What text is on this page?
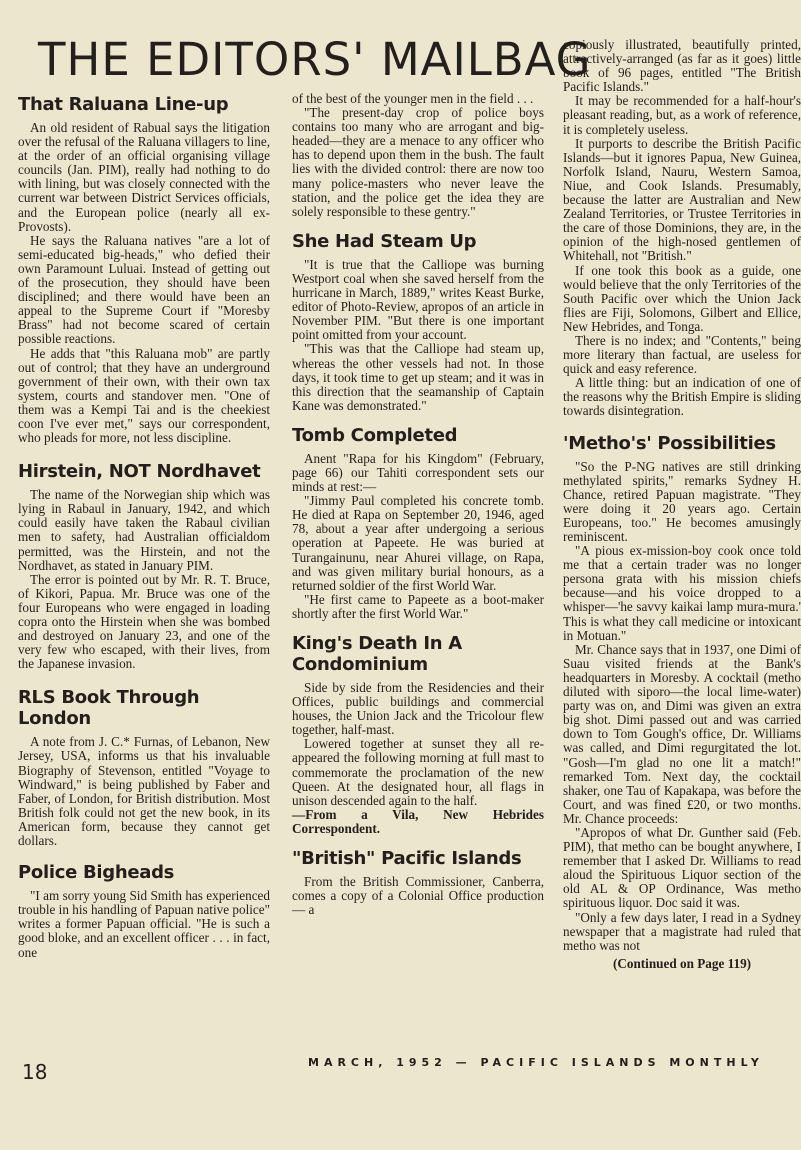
THE EDITORS' MAILBAG
That Raluana Line-up

An old resident of Rabual says the litigation over the refusal of the Raluana villagers to line, at the order of an official organising village councils (Jan. PIM), really had nothing to do with lining, but was closely connected with the current war between District Services officials, and the European police (nearly all ex-Provosts).

He says the Raluana natives "are a lot of semi-educated big-heads," who defied their own Paramount Luluai. Instead of getting out of the prosecution, they should have been disciplined; and there would have been an appeal to the Supreme Court if "Moresby Brass" had not become scared of certain possible reactions.

He adds that "this Raluana mob" are partly out of control; that they have an underground government of their own, with their own tax system, courts and standover men. "One of them was a Kempi Tai and is the cheekiest coon I've ever met," says our correspondent, who pleads for more, not less discipline.

Hirstein, NOT Nordhavet

The name of the Norwegian ship which was lying in Rabaul in January, 1942, and which could easily have taken the Rabaul civilian men to safety, had Australian officialdom permitted, was the Hirstein, and not the Nordhavet, as stated in January PIM.

The error is pointed out by Mr. R. T. Bruce, of Kikori, Papua. Mr. Bruce was one of the four Europeans who were engaged in loading copra onto the Hirstein when she was bombed and destroyed on January 23, and one of the very few who escaped, with their lives, from the Japanese invasion.

RLS Book Through London

A note from J. C.* Furnas, of Lebanon, New Jersey, USA, informs us that his invaluable Biography of Stevenson, entitled "Voyage to Windward," is being published by Faber and Faber, of London, for British distribution. Most British folk could not get the new book, in its American form, because they cannot get dollars.

Police Bigheads

"I am sorry young Sid Smith has experienced trouble in his handling of Papuan native police" writes a former Papuan official. "He is such a good bloke, and an excellent officer . . . in fact, one

of the best of the younger men in the field . . .

"The present-day crop of police boys contains too many who are arrogant and big-headed—they are a menace to any officer who has to depend upon them in the bush. The fault lies with the divided control: there are now too many police-masters who never leave the station, and the police get the idea they are solely responsible to these gentry."

She Had Steam Up

"It is true that the Calliope was burning Westport coal when she saved herself from the hurricane in March, 1889," writes Keast Burke, editor of Photo-Review, apropos of an article in November PIM. "But there is one important point omitted from your account.

"This was that the Calliope had steam up, whereas the other vessels had not. In those days, it took time to get up steam; and it was in this direction that the seamanship of Captain Kane was demonstrated."

Tomb Completed

Anent "Rapa for his Kingdom" (February, page 66) our Tahiti correspondent sets our minds at rest:—

"Jimmy Paul completed his concrete tomb. He died at Rapa on September 20, 1946, aged 78, about a year after undergoing a serious operation at Papeete. He was buried at Turangainunu, near Ahurei village, on Rapa, and was given military burial honours, as a returned soldier of the first World War.

"He first came to Papeete as a boot-maker shortly after the first World War."

King's Death In A Condominium

Side by side from the Residencies and their Offices, public buildings and commercial houses, the Union Jack and the Tricolour flew together, half-mast.

Lowered together at sunset they all re-appeared the following morning at full mast to commemorate the proclamation of the new Queen. At the designated hour, all flags in unison descended again to the half.

—From a Vila, New Hebrides Correspondent.

"British" Pacific Islands

From the British Commissioner, Canberra, comes a copy of a Colonial Office production — a

copiously illustrated, beautifully printed, attractively-arranged (as far as it goes) little book of 96 pages, entitled "The British Pacific Islands."

It may be recommended for a half-hour's pleasant reading, but, as a work of reference, it is completely useless.

It purports to describe the British Pacific Islands—but it ignores Papua, New Guinea, Norfolk Island, Nauru, Western Samoa, Niue, and Cook Islands. Presumably, because the latter are Australian and New Zealand Territories, or Trustee Territories in the care of those Dominions, they are, in the opinion of the high-nosed gentlemen of Whitehall, not "British."

If one took this book as a guide, one would believe that the only Territories of the South Pacific over which the Union Jack flies are Fiji, Solomons, Gilbert and Ellice, New Hebrides, and Tonga.

There is no index; and "Contents," being more literary than factual, are useless for quick and easy reference.

A little thing: but an indication of one of the reasons why the British Empire is sliding towards disintegration.

'Metho's' Possibilities

"So the P-NG natives are still drinking methylated spirits," remarks Sydney H. Chance, retired Papuan magistrate. "They were doing it 20 years ago. Certain Europeans, too." He becomes amusingly reminiscent.

"A pious ex-mission-boy cook once told me that a certain trader was no longer persona grata with his mission chiefs because—and his voice dropped to a whisper—'he savvy kaikai lamp mura-mura.' This is what they call medicine or intoxicant in Motuan."

Mr. Chance says that in 1937, one Dimi of Suau visited friends at the Bank's headquarters in Moresby. A cocktail (metho diluted with siporo—the local lime-water) party was on, and Dimi was given an extra big shot. Dimi passed out and was carried down to Tom Gough's office, Dr. Williams was called, and Dimi regurgitated the lot. "Gosh—I'm glad no one lit a match!" remarked Tom. Next day, the cocktail shaker, one Tau of Kapakapa, was before the Court, and was fined £20, or two months. Mr. Chance proceeds:

"Apropos of what Dr. Gunther said (Feb. PIM), that metho can be bought anywhere, I remember that I asked Dr. Williams to read aloud the Spirituous Liquor section of the old AL & OP Ordinance, Was metho spirituous liquor. Doc said it was.

"Only a few days later, I read in a Sydney newspaper that a magistrate had ruled that metho was not

(Continued on Page 119)

18	MARCH, 1952 — PACIFIC ISLANDS MONTHLY
